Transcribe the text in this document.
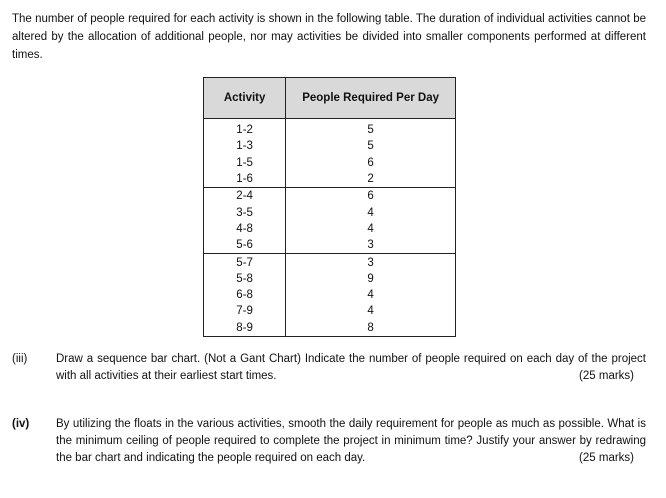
The number of people required for each activity is shown in the following table. The duration of individual activities cannot be altered by the allocation of additional people, nor may activities be divided into smaller components performed at different times.

Activity	People Required Per Day
1-2	5
1-3	5
1-5	6
1-6	2
2-4	6
3-5	4
4-8	4
5-6	3
5-7	3
5-8	9
6-8	4
7-9	4
8-9	8
(iii) Draw a sequence bar chart. (Not a Gant Chart) Indicate the number of people required on each day of the project with all activities at their earliest start times.	(25 marks)
(iv) By utilizing the floats in the various activities, smooth the daily requirement for people as much as possible. What is the minimum ceiling of people required to complete the project in minimum time? Justify your answer by redrawing the bar chart and indicating the people required on each day.	(25 marks)
